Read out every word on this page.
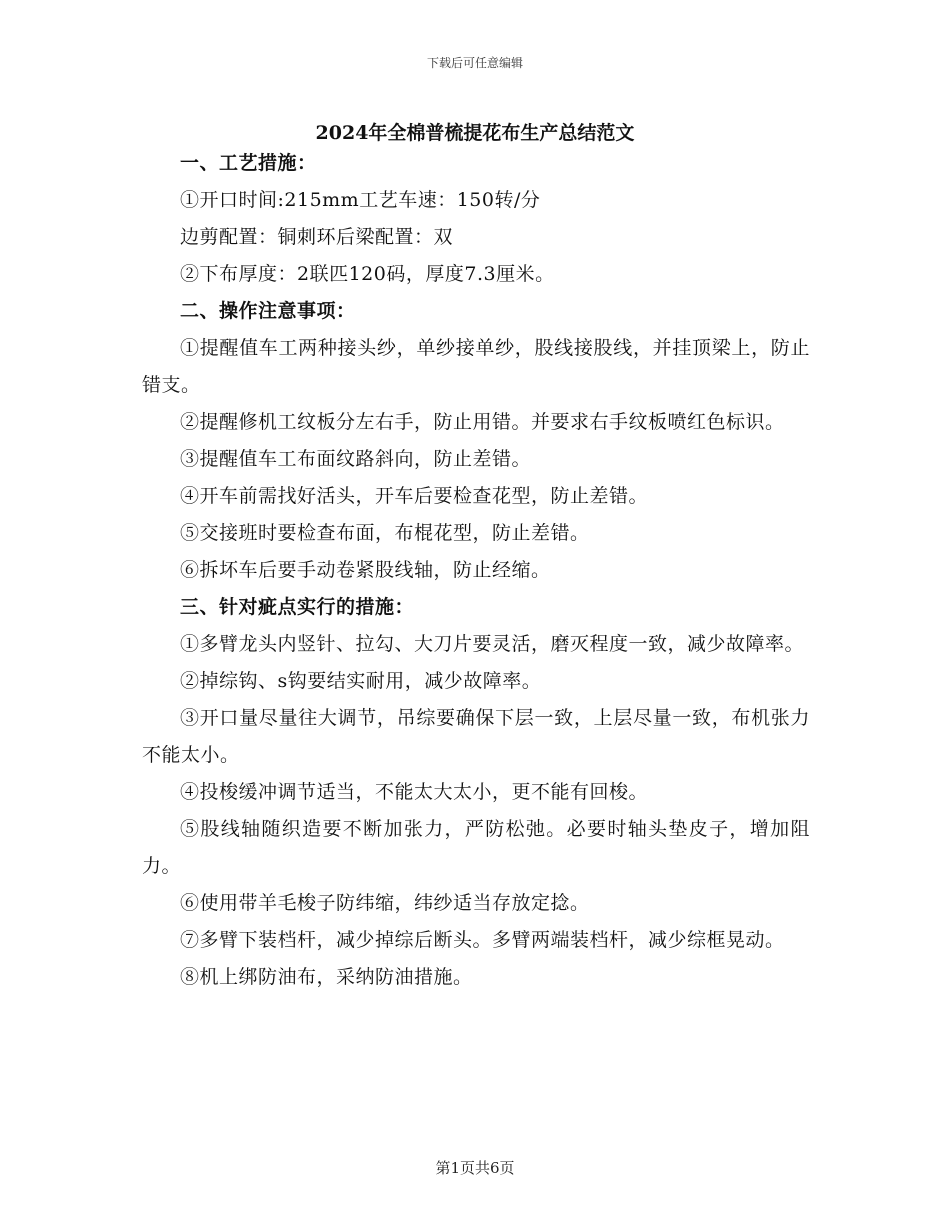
下载后可任意编辑
2024年全棉普梳提花布生产总结范文

一、工艺措施：

①开口时间:215mm工艺车速：150转/分

边剪配置：铜刺环后梁配置：双

②下布厚度：2联匹120码，厚度7.3厘米。

二、操作注意事项：

①提醒值车工两种接头纱，单纱接单纱，股线接股线，并挂顶梁上，防止错支。

②提醒修机工纹板分左右手，防止用错。并要求右手纹板喷红色标识。

③提醒值车工布面纹路斜向，防止差错。

④开车前需找好活头，开车后要检查花型，防止差错。

⑤交接班时要检查布面，布棍花型，防止差错。

⑥拆坏车后要手动卷紧股线轴，防止经缩。

三、针对疵点实行的措施：

①多臂龙头内竖针、拉勾、大刀片要灵活，磨灭程度一致，减少故障率。

②掉综钩、s钩要结实耐用，减少故障率。

③开口量尽量往大调节，吊综要确保下层一致，上层尽量一致，布机张力不能太小。

④投梭缓冲调节适当，不能太大太小，更不能有回梭。

⑤股线轴随织造要不断加张力，严防松弛。必要时轴头垫皮子，增加阻力。

⑥使用带羊毛梭子防纬缩，纬纱适当存放定捻。

⑦多臂下装档杆，减少掉综后断头。多臂两端装档杆，减少综框晃动。

⑧机上绑防油布，采纳防油措施。

第1页共6页
